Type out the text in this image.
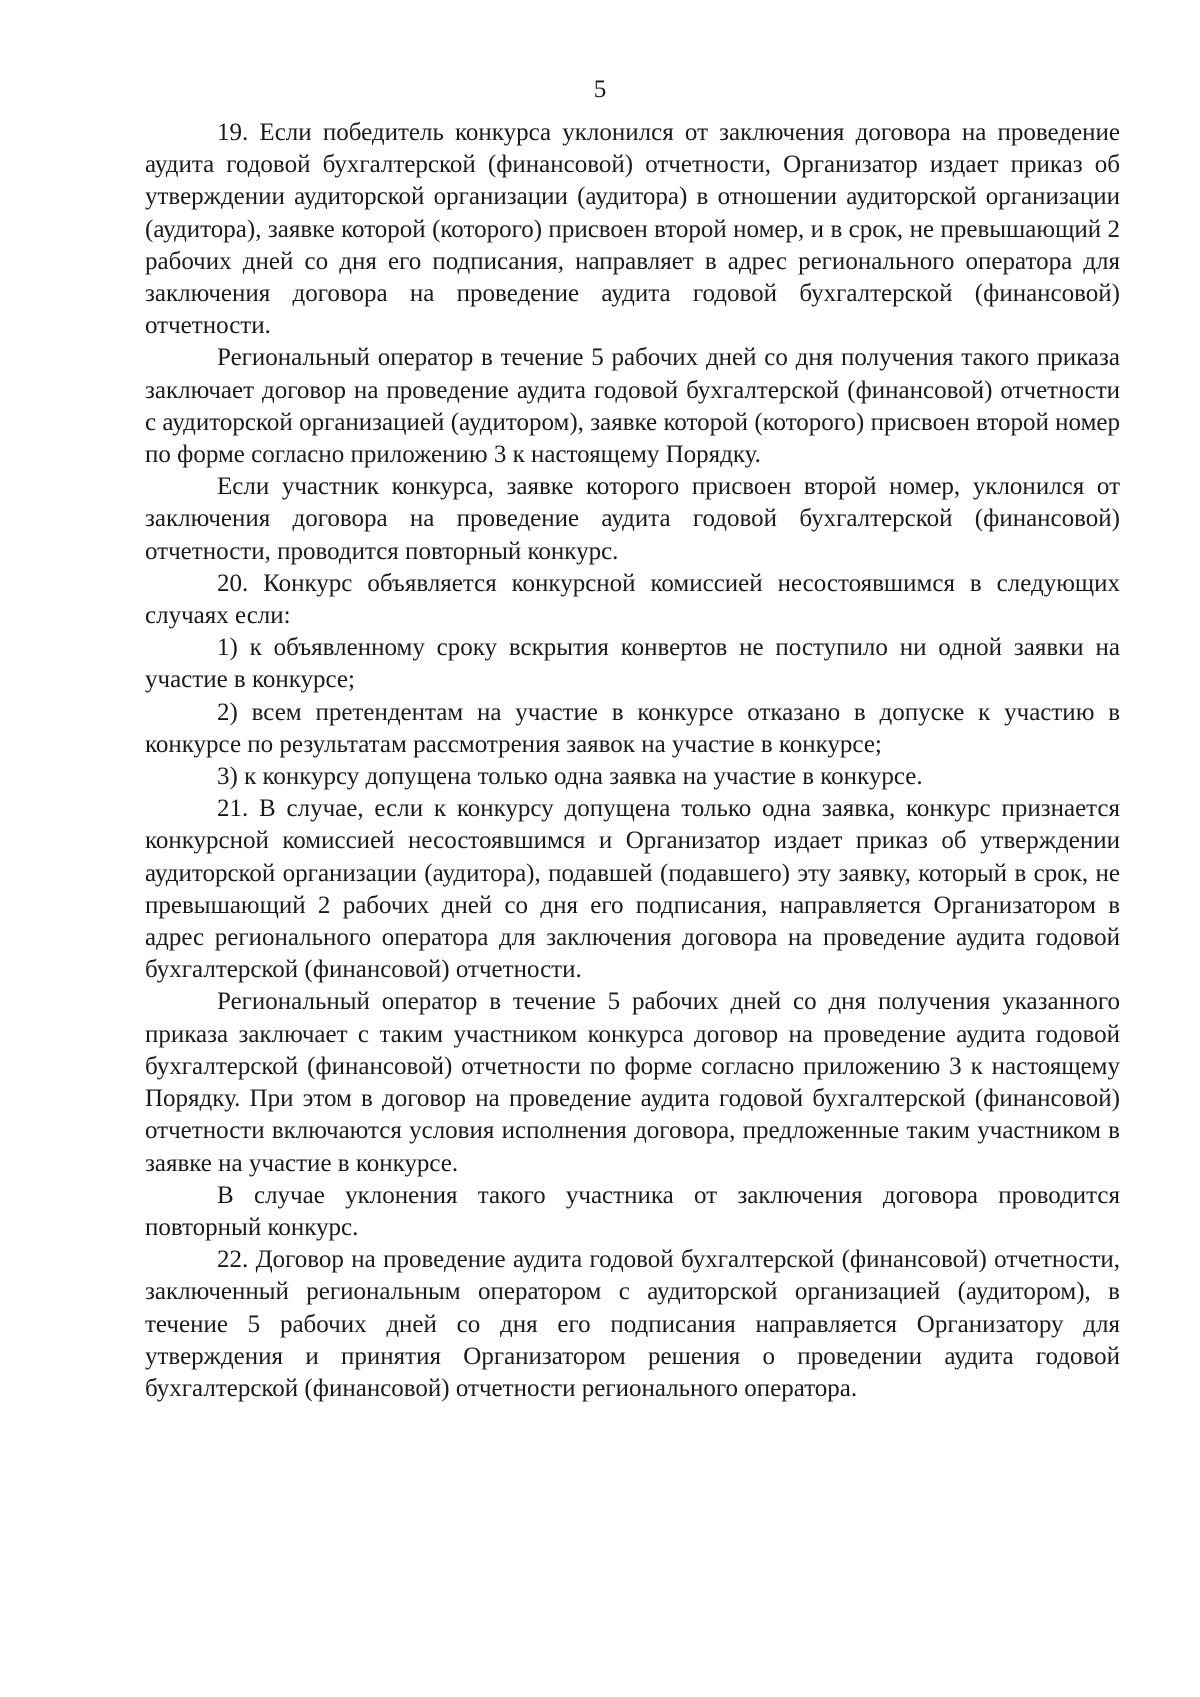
5

19. Если победитель конкурса уклонился от заключения договора на проведение аудита годовой бухгалтерской (финансовой) отчетности, Организатор издает приказ об утверждении аудиторской организации (аудитора) в отношении аудиторской организации (аудитора), заявке которой (которого) присвоен второй номер, и в срок, не превышающий 2 рабочих дней со дня его подписания, направляет в адрес регионального оператора для заключения договора на проведение аудита годовой бухгалтерской (финансовой) отчетности.

Региональный оператор в течение 5 рабочих дней со дня получения такого приказа заключает договор на проведение аудита годовой бухгалтерской (финансовой) отчетности с аудиторской организацией (аудитором), заявке которой (которого) присвоен второй номер по форме согласно приложению 3 к настоящему Порядку.

Если участник конкурса, заявке которого присвоен второй номер, уклонился от заключения договора на проведение аудита годовой бухгалтерской (финансовой) отчетности, проводится повторный конкурс.

20. Конкурс объявляется конкурсной комиссией несостоявшимся в следующих случаях если:

1) к объявленному сроку вскрытия конвертов не поступило ни одной заявки на участие в конкурсе;

2) всем претендентам на участие в конкурсе отказано в допуске к участию в конкурсе по результатам рассмотрения заявок на участие в конкурсе;

3) к конкурсу допущена только одна заявка на участие в конкурсе.

21. В случае, если к конкурсу допущена только одна заявка, конкурс признается конкурсной комиссией несостоявшимся и Организатор издает приказ об утверждении аудиторской организации (аудитора), подавшей (подавшего) эту заявку, который в срок, не превышающий 2 рабочих дней со дня его подписания, направляется Организатором в адрес регионального оператора для заключения договора на проведение аудита годовой бухгалтерской (финансовой) отчетности.

Региональный оператор в течение 5 рабочих дней со дня получения указанного приказа заключает с таким участником конкурса договор на проведение аудита годовой бухгалтерской (финансовой) отчетности по форме согласно приложению 3 к настоящему Порядку. При этом в договор на проведение аудита годовой бухгалтерской (финансовой) отчетности включаются условия исполнения договора, предложенные таким участником в заявке на участие в конкурсе.

В случае уклонения такого участника от заключения договора проводится повторный конкурс.

22. Договор на проведение аудита годовой бухгалтерской (финансовой) отчетности, заключенный региональным оператором с аудиторской организацией (аудитором), в течение 5 рабочих дней со дня его подписания направляется Организатору для утверждения и принятия Организатором решения о проведении аудита годовой бухгалтерской (финансовой) отчетности регионального оператора.
